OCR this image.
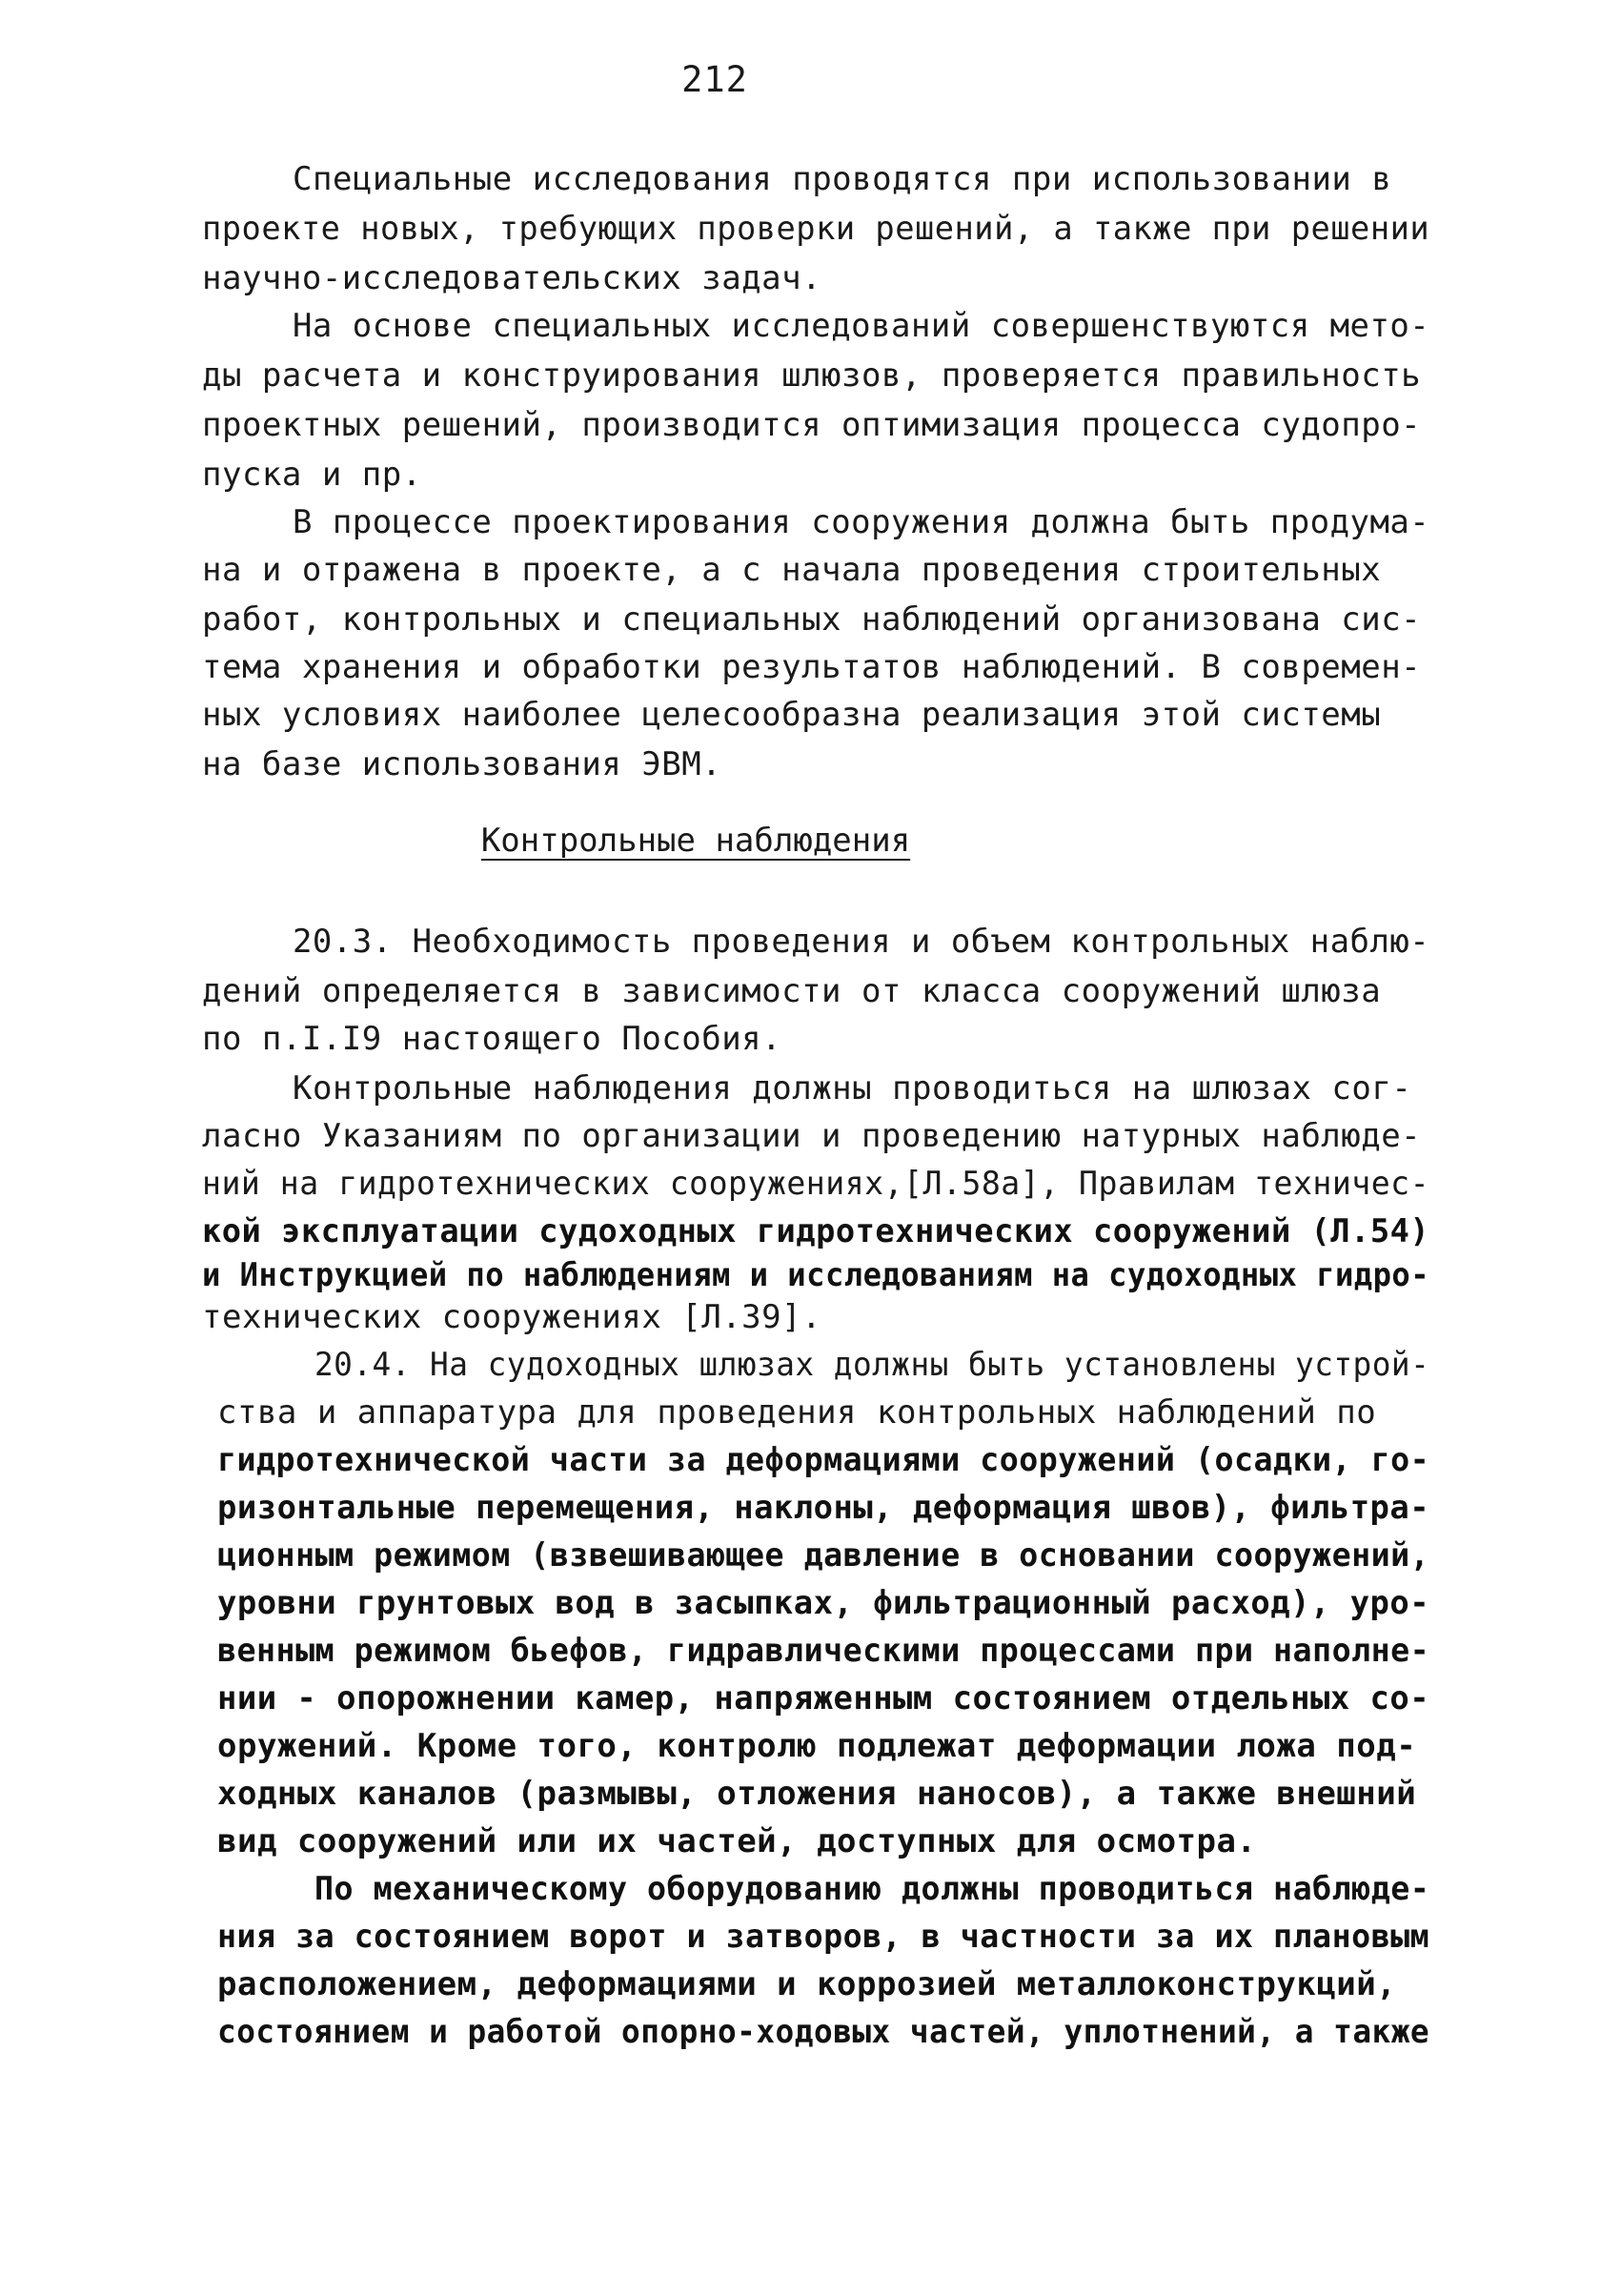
212
Специальные исследования проводятся при использовании в
проекте новых, требующих проверки решений, а также при решении
научно-исследовательских задач.
На основе специальных исследований совершенствуются мето-
ды расчета и конструирования шлюзов, проверяется правильность
проектных решений, производится оптимизация процесса судопро-
пуска и пр.
В процессе проектирования сооружения должна быть продума-
на и отражена в проекте, а с начала проведения строительных
работ, контрольных и специальных наблюдений организована сис-
тема хранения и обработки результатов наблюдений. В современ-
ных условиях наиболее целесообразна реализация этой системы
на базе использования ЭВМ.
Контрольные наблюдения
20.3. Необходимость проведения и объем контрольных наблю-
дений определяется в зависимости от класса сооружений шлюза
по п.I.I9 настоящего Пособия.
Контрольные наблюдения должны проводиться на шлюзах сог-
ласно Указаниям по организации и проведению натурных наблюде-
ний на гидротехнических сооружениях,[Л.58а], Правилам техничес-
кой эксплуатации судоходных гидротехнических сооружений (Л.54)
и Инструкцией по наблюдениям и исследованиям на судоходных гидро-
технических сооружениях [Л.39].
20.4. На судоходных шлюзах должны быть установлены устрой-
ства и аппаратура для проведения контрольных наблюдений по
гидротехнической части за деформациями сооружений (осадки, го-
ризонтальные перемещения, наклоны, деформация швов), фильтра-
ционным режимом (взвешивающее давление в основании сооружений,
уровни грунтовых вод в засыпках, фильтрационный расход), уро-
венным режимом бьефов, гидравлическими процессами при наполне-
нии - опорожнении камер, напряженным состоянием отдельных со-
оружений. Кроме того, контролю подлежат деформации ложа под-
ходных каналов (размывы, отложения наносов), а также внешний
вид сооружений или их частей, доступных для осмотра.
По механическому оборудованию должны проводиться наблюде-
ния за состоянием ворот и затворов, в частности за их плановым
расположением, деформациями и коррозией металлоконструкций,
состоянием и работой опорно-ходовых частей, уплотнений, а также
